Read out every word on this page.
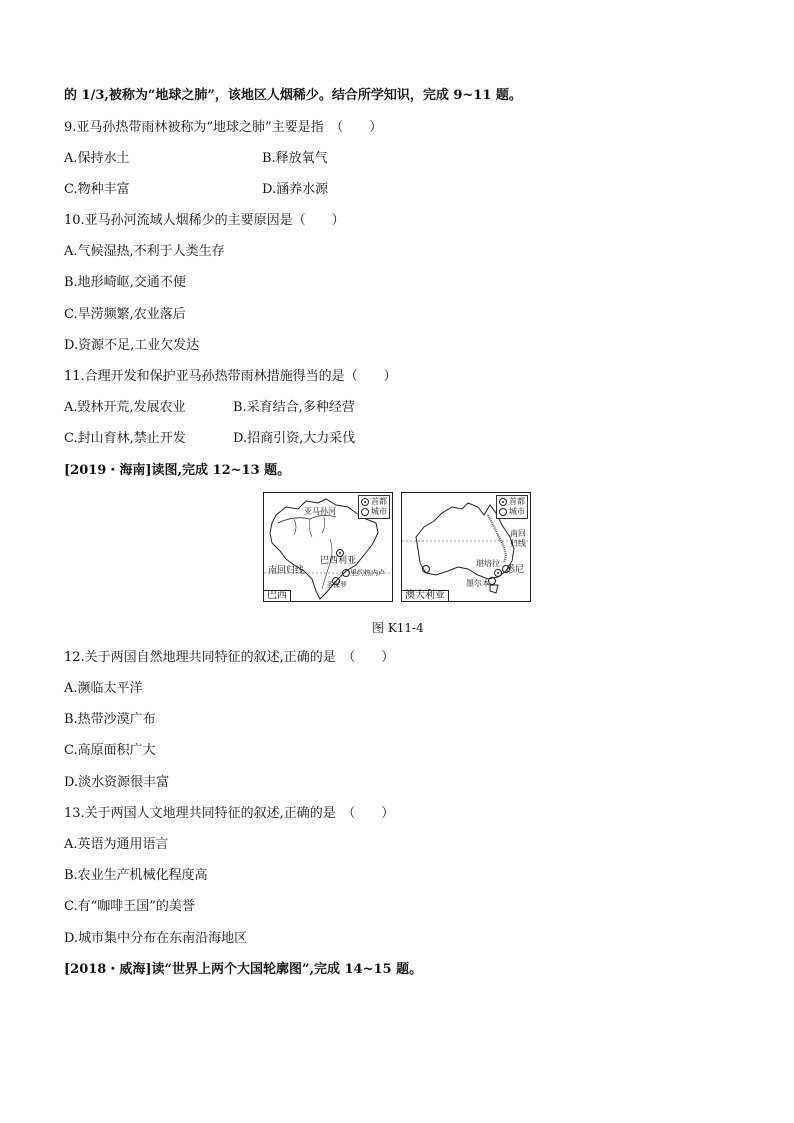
的 1/3,被称为“地球之肺”，该地区人烟稀少。结合所学知识，完成 9~11 题。
9.亚马孙热带雨林被称为“地球之肺”主要是指　（　　）
A.保持水土	B.释放氧气
C.物种丰富	D.涵养水源
10.亚马孙河流域人烟稀少的主要原因是（　　）
A.气候湿热,不利于人类生存
B.地形崎岖,交通不便
C.旱涝频繁,农业落后
D.资源不足,工业欠发达
11.合理开发和保护亚马孙热带雨林措施得当的是（　　）
A.毁林开荒,发展农业	B.采育结合,多种经营
C.封山育林,禁止开发	D.招商引资,大力采伐
[2019・海南]读图,完成 12~13 题。
首都
城市
亚马孙河
巴西利亚
南回归线	里约热内卢
圣保罗
巴西
首都
城市
南回归线
悉尼
堪培拉
墨尔本
澳大利亚
图 K11-4
12.关于两国自然地理共同特征的叙述,正确的是　（　　）
A.濒临太平洋
B.热带沙漠广布
C.高原面积广大
D.淡水资源很丰富
13.关于两国人文地理共同特征的叙述,正确的是　（　　）
A.英语为通用语言
B.农业生产机械化程度高
C.有“咖啡王国”的美誉
D.城市集中分布在东南沿海地区
[2018・威海]读“世界上两个大国轮廓图”,完成 14~15 题。
